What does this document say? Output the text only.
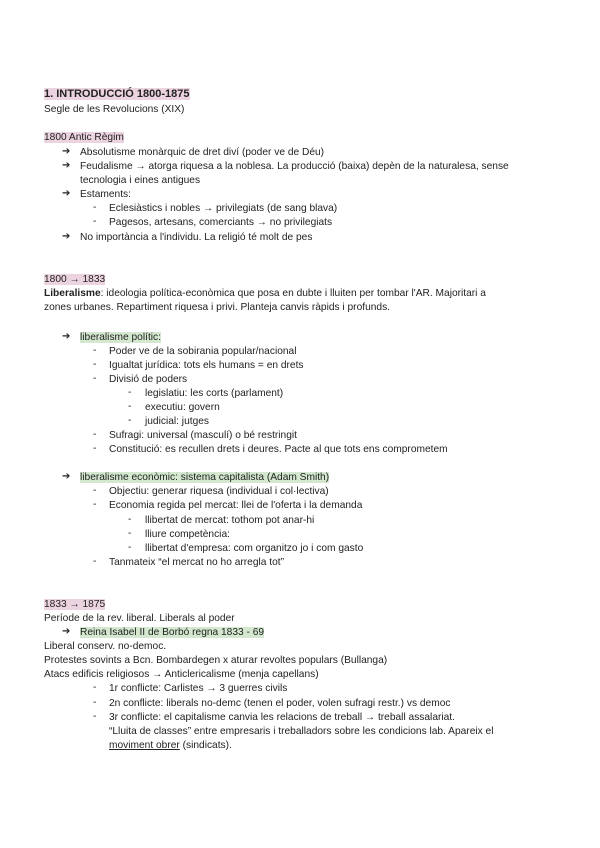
1. INTRODUCCIÓ 1800-1875
Segle de les Revolucions (XIX)
1800 Antic Règim
➔ Absolutisme monàrquic de dret diví (poder ve de Déu)
➔ Feudalisme → atorga riquesa a la noblesa. La producció (baixa) depèn de la naturalesa, sense
tecnologia i eines antigues
➔ Estaments:
- Eclesiàstics i nobles → privilegiats (de sang blava)
- Pagesos, artesans, comerciants → no privilegiats
➔ No importància a l'individu. La religió té molt de pes
1800 → 1833
Liberalisme: ideologia política-econòmica que posa en dubte i lluiten per tombar l'AR. Majoritari a
zones urbanes. Repartiment riquesa i privi. Planteja canvis ràpids i profunds.
➔ liberalisme polític:
- Poder ve de la sobirania popular/nacional
- Igualtat jurídica: tots els humans = en drets
- Divisió de poders
- legislatiu: les corts (parlament)
- executiu: govern
- judicial: jutges
- Sufragi: universal (masculí) o bé restringit
- Constitució: es recullen drets i deures. Pacte al que tots ens comprometem
➔ liberalisme econòmic: sistema capitalista (Adam Smith)
- Objectiu: generar riquesa (individual i col·lectiva)
- Economia regida pel mercat: llei de l'oferta i la demanda
- llibertat de mercat: tothom pot anar-hi
- lliure competència:
- llibertat d'empresa: com organitzo jo i com gasto
- Tanmateix “el mercat no ho arregla tot”
1833 → 1875
Període de la rev. liberal. Liberals al poder
➔ Reina Isabel II de Borbó regna 1833 - 69
Liberal conserv. no-democ.
Protestes sovints a Bcn. Bombardegen x aturar revoltes populars (Bullanga)
Atacs edificis religiosos → Anticlericalisme (menja capellans)
- 1r conflicte: Carlistes → 3 guerres civils
- 2n conflicte: liberals no-demc (tenen el poder, volen sufragi restr.) vs democ
- 3r conflicte: el capitalisme canvia les relacions de treball → treball assalariat.
“Lluita de classes” entre empresaris i treballadors sobre les condicions lab. Apareix el
moviment obrer (sindicats).
